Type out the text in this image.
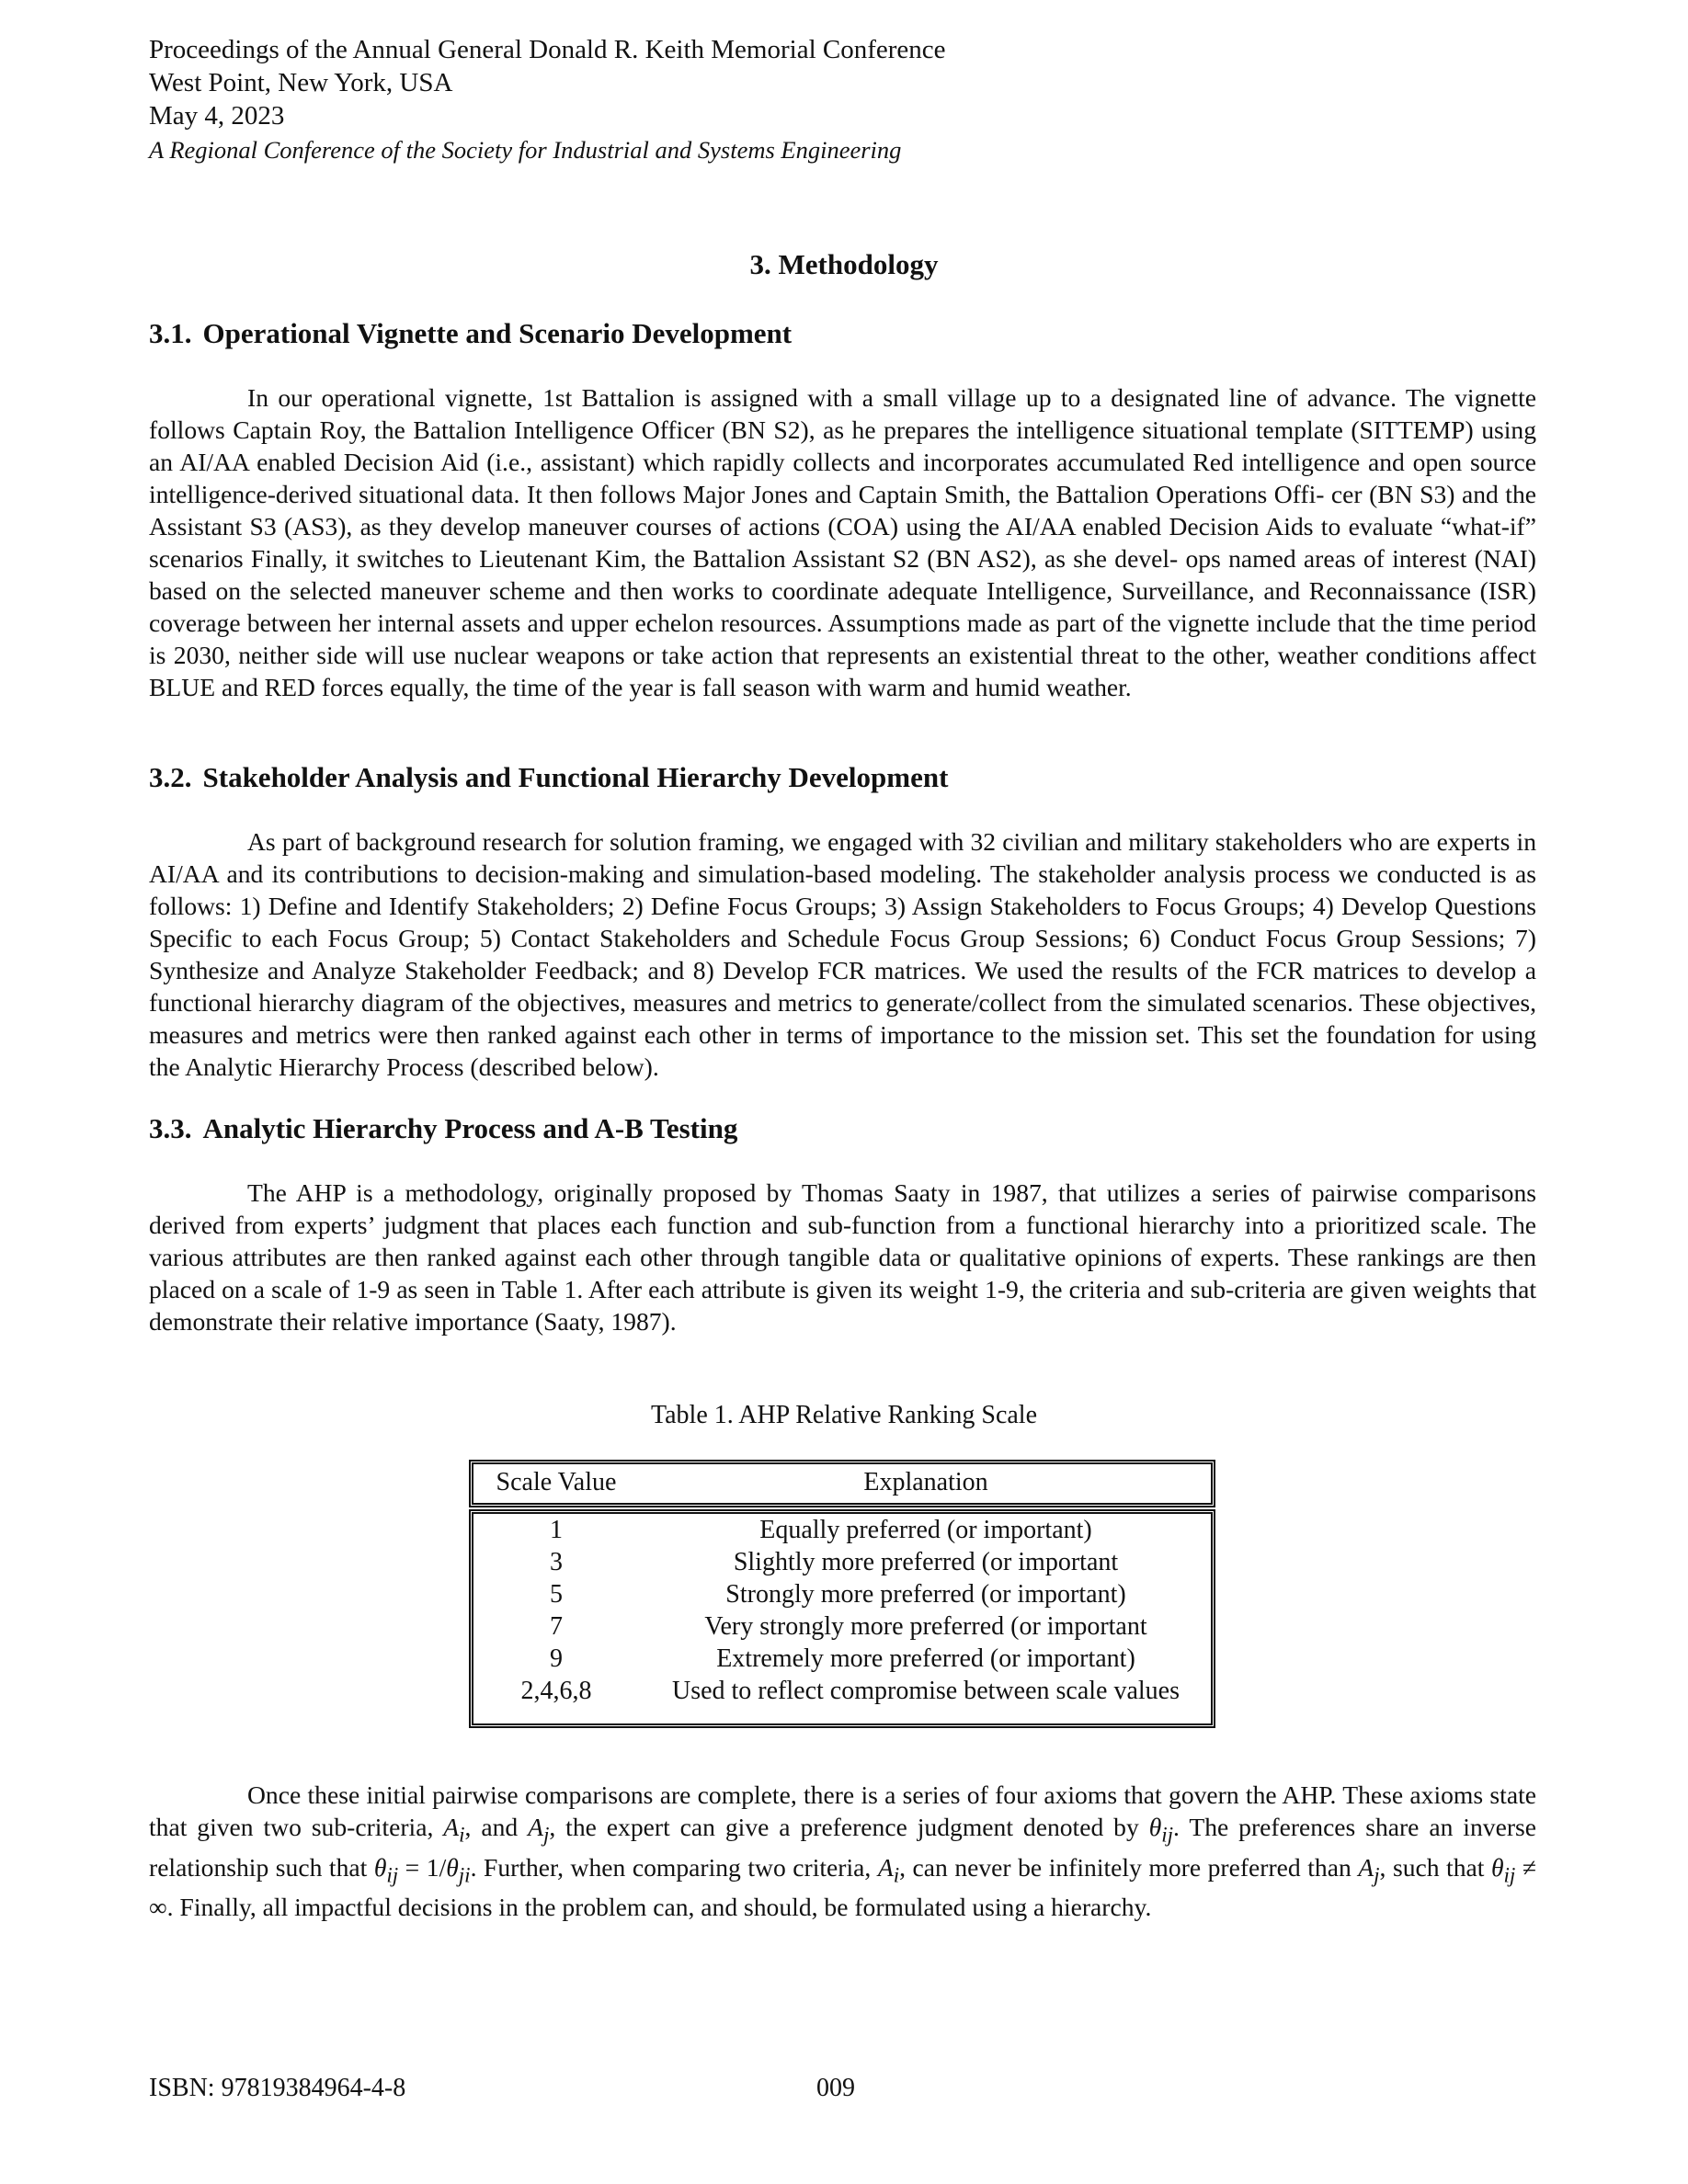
Proceedings of the Annual General Donald R. Keith Memorial Conference
West Point, New York, USA
May 4, 2023
A Regional Conference of the Society for Industrial and Systems Engineering
3. Methodology
3.1. Operational Vignette and Scenario Development

In our operational vignette, 1st Battalion is assigned with a small village up to a designated line of advance. The vignette follows Captain Roy, the Battalion Intelligence Officer (BN S2), as he prepares the intelligence situational template (SITTEMP) using an AI/AA enabled Decision Aid (i.e., assistant) which rapidly collects and incorporates accumulated Red intelligence and open source intelligence-derived situational data. It then follows Major Jones and Captain Smith, the Battalion Operations Offi- cer (BN S3) and the Assistant S3 (AS3), as they develop maneuver courses of actions (COA) using the AI/AA enabled Decision Aids to evaluate “what-if” scenarios Finally, it switches to Lieutenant Kim, the Battalion Assistant S2 (BN AS2), as she devel- ops named areas of interest (NAI) based on the selected maneuver scheme and then works to coordinate adequate Intelligence, Surveillance, and Reconnaissance (ISR) coverage between her internal assets and upper echelon resources. Assumptions made as part of the vignette include that the time period is 2030, neither side will use nuclear weapons or take action that represents an existential threat to the other, weather conditions affect BLUE and RED forces equally, the time of the year is fall season with warm and humid weather.

3.2. Stakeholder Analysis and Functional Hierarchy Development

As part of background research for solution framing, we engaged with 32 civilian and military stakeholders who are experts in AI/AA and its contributions to decision-making and simulation-based modeling. The stakeholder analysis process we conducted is as follows: 1) Define and Identify Stakeholders; 2) Define Focus Groups; 3) Assign Stakeholders to Focus Groups; 4) Develop Questions Specific to each Focus Group; 5) Contact Stakeholders and Schedule Focus Group Sessions; 6) Conduct Focus Group Sessions; 7) Synthesize and Analyze Stakeholder Feedback; and 8) Develop FCR matrices. We used the results of the FCR matrices to develop a functional hierarchy diagram of the objectives, measures and metrics to generate/collect from the simulated scenarios. These objectives, measures and metrics were then ranked against each other in terms of importance to the mission set. This set the foundation for using the Analytic Hierarchy Process (described below).

3.3. Analytic Hierarchy Process and A-B Testing

The AHP is a methodology, originally proposed by Thomas Saaty in 1987, that utilizes a series of pairwise comparisons derived from experts’ judgment that places each function and sub-function from a functional hierarchy into a prioritized scale. The various attributes are then ranked against each other through tangible data or qualitative opinions of experts. These rankings are then placed on a scale of 1-9 as seen in Table 1. After each attribute is given its weight 1-9, the criteria and sub-criteria are given weights that demonstrate their relative importance (Saaty, 1987).

Table 1. AHP Relative Ranking Scale
Scale Value	Explanation
1	Equally preferred (or important)
3	Slightly more preferred (or important
5	Strongly more preferred (or important)
7	Very strongly more preferred (or important
9	Extremely more preferred (or important)
2,4,6,8	Used to reflect compromise between scale values

Once these initial pairwise comparisons are complete, there is a series of four axioms that govern the AHP. These axioms state that given two sub-criteria, $A_i$, and $A_j$, the expert can give a preference judgment denoted by $\theta_{ij}$. The preferences share an inverse relationship such that $\theta_{ij} = 1/\theta_{ji}$. Further, when comparing two criteria, $A_i$, can never be infinitely more preferred than $A_j$, such that $\theta_{ij}$ ≠ ∞. Finally, all impactful decisions in the problem can, and should, be formulated using a hierarchy.

ISBN: 97819384964-4-8	009
